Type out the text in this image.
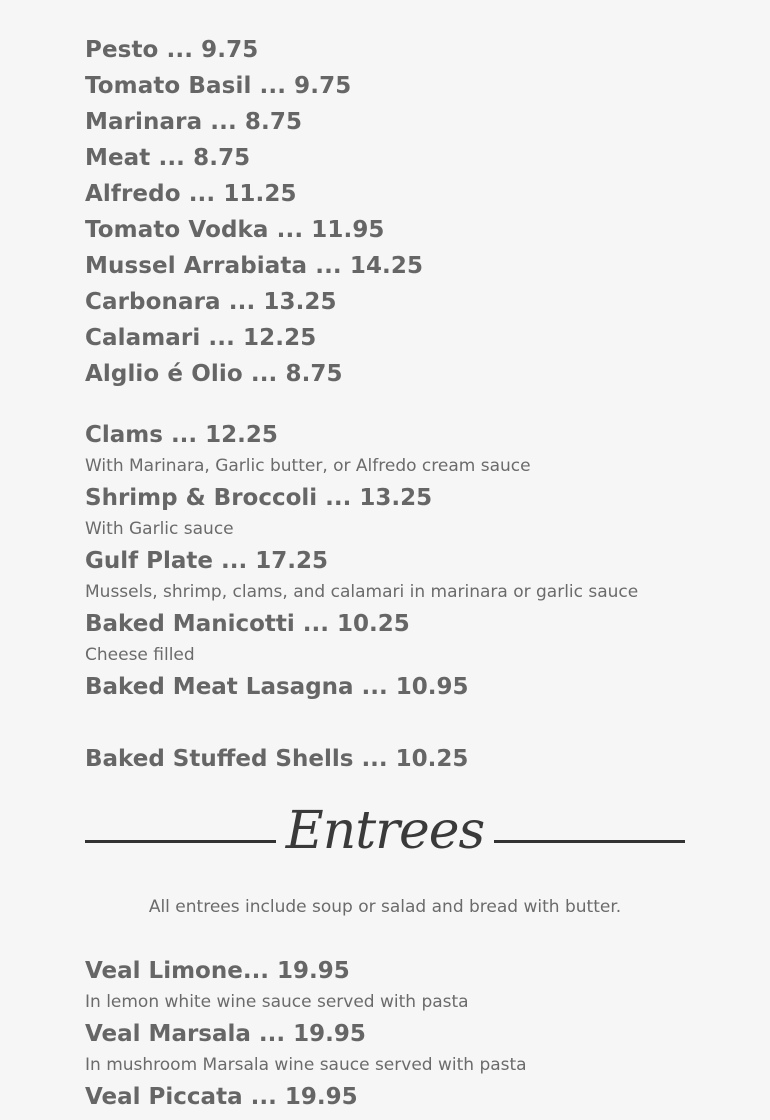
Pesto ... 9.75
Tomato Basil ... 9.75
Marinara ... 8.75
Meat ... 8.75
Alfredo ... 11.25
Tomato Vodka ... 11.95
Mussel Arrabiata ... 14.25
Carbonara ... 13.25
Calamari ... 12.25
Alglio é Olio ... 8.75
Clams ... 12.25
With Marinara, Garlic butter, or Alfredo cream sauce
Shrimp & Broccoli ... 13.25
With Garlic sauce
Gulf Plate ... 17.25
Mussels, shrimp, clams, and calamari in marinara or garlic sauce
Baked Manicotti ... 10.25
Cheese filled
Baked Meat Lasagna ... 10.95
Baked Stuffed Shells ... 10.25
Entrees
All entrees include soup or salad and bread with butter.
Veal Limone... 19.95
In lemon white wine sauce served with pasta
Veal Marsala ... 19.95
In mushroom Marsala wine sauce served with pasta
Veal Piccata ... 19.95
